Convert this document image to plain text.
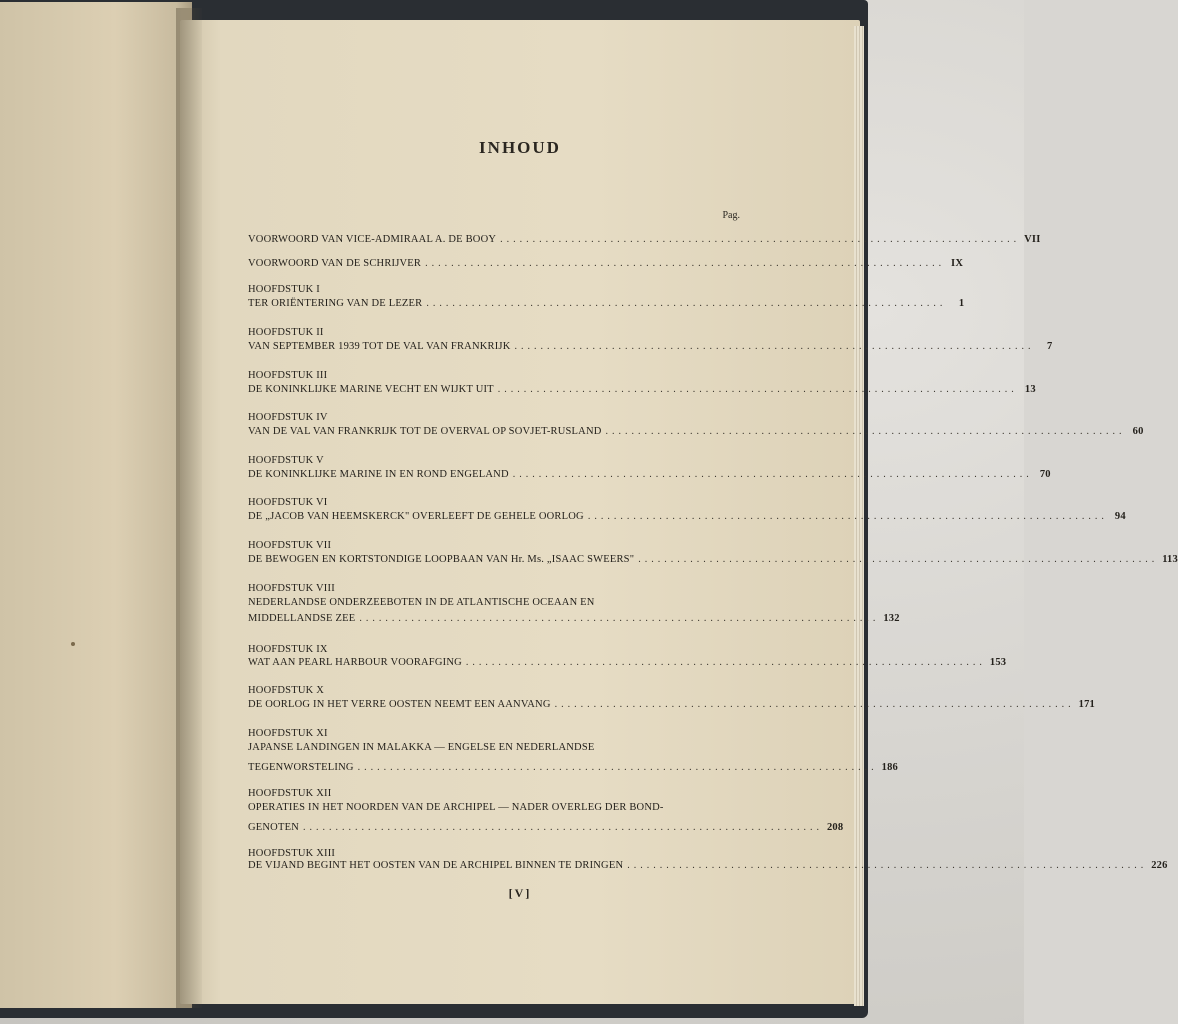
INHOUD
Pag.
VOORWOORD VAN VICE-ADMIRAAL A. DE BOOY ................................................................................ VII
VOORWOORD VAN DE SCHRIJVER ................................................................................ IX
HOOFDSTUK I
TER ORIËNTERING VAN DE LEZER ................................................................................	1
HOOFDSTUK II
VAN SEPTEMBER 1939 TOT DE VAL VAN FRANKRIJK ................................................................................	7
HOOFDSTUK III
DE KONINKLIJKE MARINE VECHT EN WIJKT UIT ................................................................................ 13
HOOFDSTUK IV
VAN DE VAL VAN FRANKRIJK TOT DE OVERVAL OP SOVJET-RUSLAND ................................................................................ 60
HOOFDSTUK V
DE KONINKLIJKE MARINE IN EN ROND ENGELAND ................................................................................ 70
HOOFDSTUK VI
DE „JACOB VAN HEEMSKERCK" OVERLEEFT DE GEHELE OORLOG ................................................................................ 94
HOOFDSTUK VII
DE BEWOGEN EN KORTSTONDIGE LOOPBAAN VAN Hr. Ms. „ISAAC SWEERS" ................................................................................ 113
HOOFDSTUK VIII
NEDERLANDSE ONDERZEEBOTEN IN DE ATLANTISCHE OCEAAN EN
MIDDELLANDSE ZEE ................................................................................ 132
HOOFDSTUK IX
WAT AAN PEARL HARBOUR VOORAFGING ................................................................................ 153
HOOFDSTUK X
DE OORLOG IN HET VERRE OOSTEN NEEMT EEN AANVANG ................................................................................ 171
HOOFDSTUK XI
JAPANSE LANDINGEN IN MALAKKA — ENGELSE EN NEDERLANDSE
TEGENWORSTELING ................................................................................ 186
HOOFDSTUK XII
OPERATIES IN HET NOORDEN VAN DE ARCHIPEL — NADER OVERLEG DER BOND-
GENOTEN ................................................................................ 208
HOOFDSTUK XIII
DE VIJAND BEGINT HET OOSTEN VAN DE ARCHIPEL BINNEN TE DRINGEN ................................................................................ 226
[V]
